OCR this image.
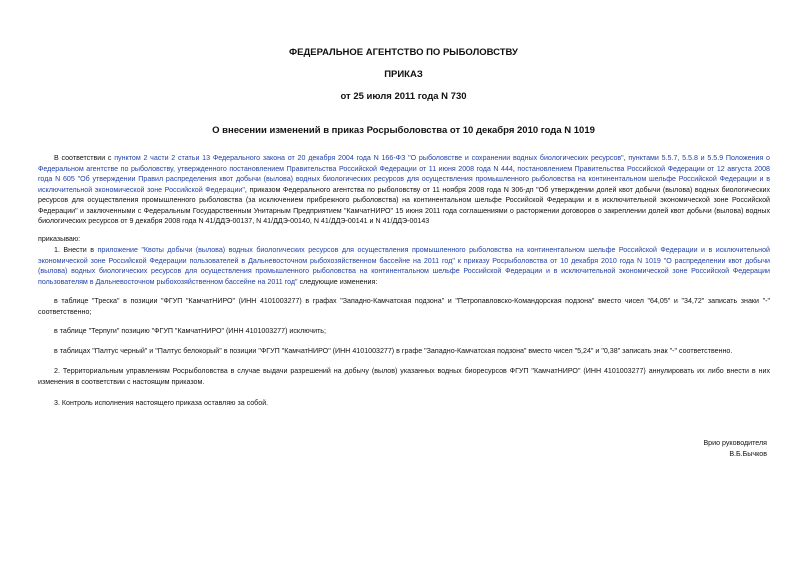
ФЕДЕРАЛЬНОЕ АГЕНТСТВО ПО РЫБОЛОВСТВУ
ПРИКАЗ
от 25 июля 2011 года N 730
О внесении изменений в приказ Росрыболовства от 10 декабря 2010 года N 1019
В соответствии с пунктом 2 части 2 статьи 13 Федерального закона от 20 декабря 2004 года N 166-ФЗ "О рыболовстве и сохранении водных биологических ресурсов", пунктами 5.5.7, 5.5.8 и 5.5.9 Положения о Федеральном агентстве по рыболовству, утвержденного постановлением Правительства Российской Федерации от 11 июня 2008 года N 444, постановлением Правительства Российской Федерации от 12 августа 2008 года N 605 "Об утверждении Правил распределения квот добычи (вылова) водных биологических ресурсов для осуществления промышленного рыболовства на континентальном шельфе Российской Федерации и в исключительной экономической зоне Российской Федерации", приказом Федерального агентства по рыболовству от 11 ноября 2008 года N 306-дп "Об утверждении долей квот добычи (вылова) водных биологических ресурсов для осуществления промышленного рыболовства (за исключением прибрежного рыболовства) на континентальном шельфе Российской Федерации и в исключительной экономической зоне Российской Федерации" и заключенными с Федеральным Государственным Унитарным Предприятием "КамчатНИРО" 15 июня 2011 года соглашениями о расторжении договоров о закреплении долей квот добычи (вылова) водных биологических ресурсов от 9 декабря 2008 года N 41/ДДЭ-00137, N 41/ДДЭ-00140, N 41/ДДЭ-00141 и N 41/ДДЭ-00143
приказываю:
1. Внести в приложение "Квоты добычи (вылова) водных биологических ресурсов для осуществления промышленного рыболовства на континентальном шельфе Российской Федерации и в исключительной экономической зоне Российской Федерации пользователей в Дальневосточном рыбохозяйственном бассейне на 2011 год" к приказу Росрыболовства от 10 декабря 2010 года N 1019 "О распределении квот добычи (вылова) водных биологических ресурсов для осуществления промышленного рыболовства на континентальном шельфе Российской Федерации и в исключительной экономической зоне Российской Федерации пользователям в Дальневосточном рыбохозяйственном бассейне на 2011 год" следующие изменения:
в таблице "Треска" в позиции "ФГУП "КамчатНИРО" (ИНН 4101003277) в графах "Западно-Камчатская подзона" и "Петропавловско-Командорская подзона" вместо чисел "64,05" и "34,72" записать знаки "-" соответственно;
в таблице "Терпуги" позицию "ФГУП "КамчатНИРО" (ИНН 4101003277) исключить;
в таблицах "Палтус черный" и "Палтус белокорый" в позиции "ФГУП "КамчатНИРО" (ИНН 4101003277) в графе "Западно-Камчатская подзона" вместо чисел "5,24" и "0,38" записать знак "-" соответственно.
2. Территориальным управлениям Росрыболовства в случае выдачи разрешений на добычу (вылов) указанных водных биоресурсов ФГУП "КамчатНИРО" (ИНН 4101003277) аннулировать их либо внести в них изменения в соответствии с настоящим приказом.
3. Контроль исполнения настоящего приказа оставляю за собой.
Врио руководителя
В.Б.Бычков
